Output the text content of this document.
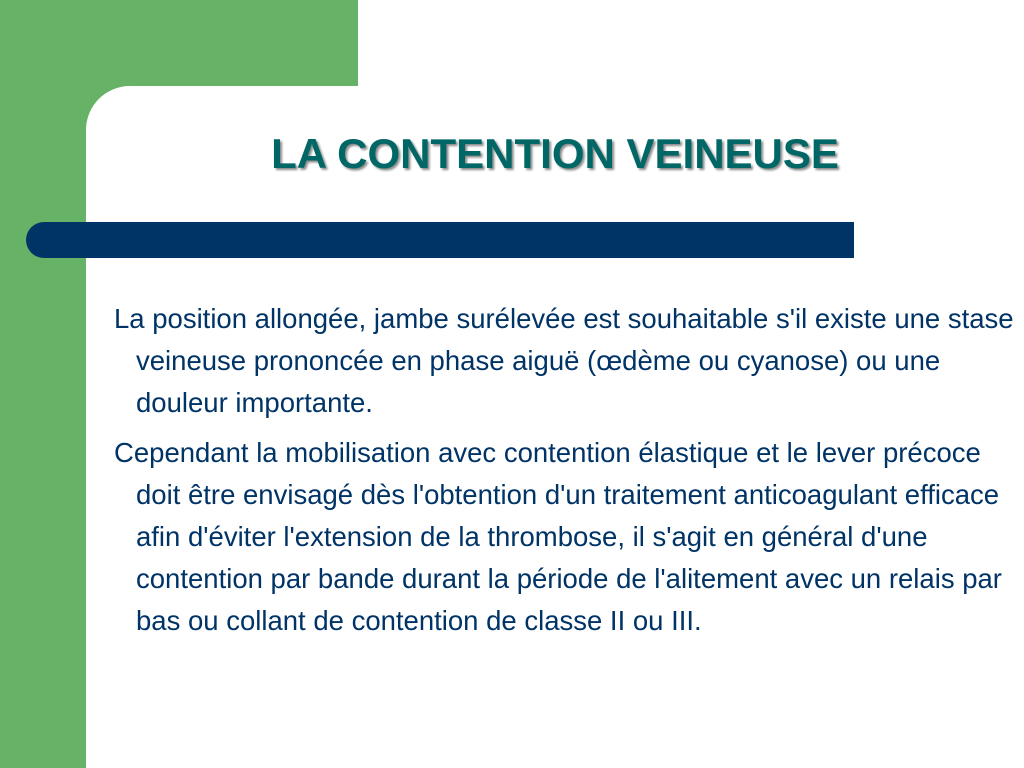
LA CONTENTION VEINEUSE

La position allongée, jambe surélevée est souhaitable s'il existe une stase veineuse prononcée en phase aiguë (œdème ou cyanose) ou une douleur importante.

Cependant la mobilisation avec contention élastique et le lever précoce doit être envisagé dès l'obtention d'un traitement anticoagulant efficace afin d'éviter l'extension de la thrombose, il s'agit en général d'une contention par bande durant la période de l'alitement avec un relais par bas ou collant de contention de classe II ou III.
